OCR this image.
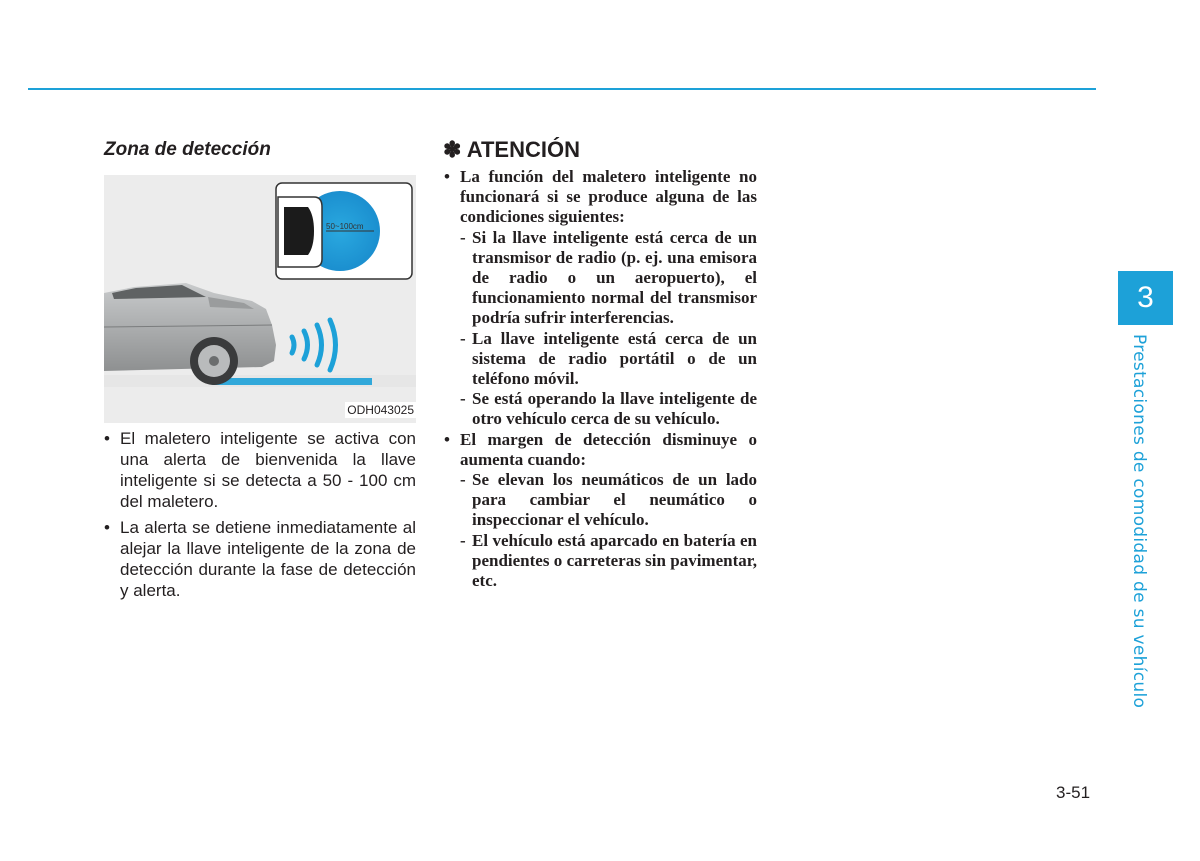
Zona de detección
50~100cm
ODH043025
• El maletero inteligente se activa con una alerta de bienvenida la llave inteligente si se detecta a 50 - 100 cm del maletero.
• La alerta se detiene inmediatamente al alejar la llave inteligente de la zona de detección durante la fase de detección y alerta.
✽ ATENCIÓN
• La función del maletero inteligente no funcionará si se produce alguna de las condiciones siguientes:
- Si la llave inteligente está cerca de un transmisor de radio (p. ej. una emisora de radio o un aeropuerto), el funcionamiento normal del transmisor podría sufrir interferencias.
- La llave inteligente está cerca de un sistema de radio portátil o de un teléfono móvil.
- Se está operando la llave inteligente de otro vehículo cerca de su vehículo.
• El margen de detección disminuye o aumenta cuando:
- Se elevan los neumáticos de un lado para cambiar el neumático o inspeccionar el vehículo.
- El vehículo está aparcado en batería en pendientes o carreteras sin pavimentar, etc.
3
Prestaciones de comodidad de su vehículo
3-51
